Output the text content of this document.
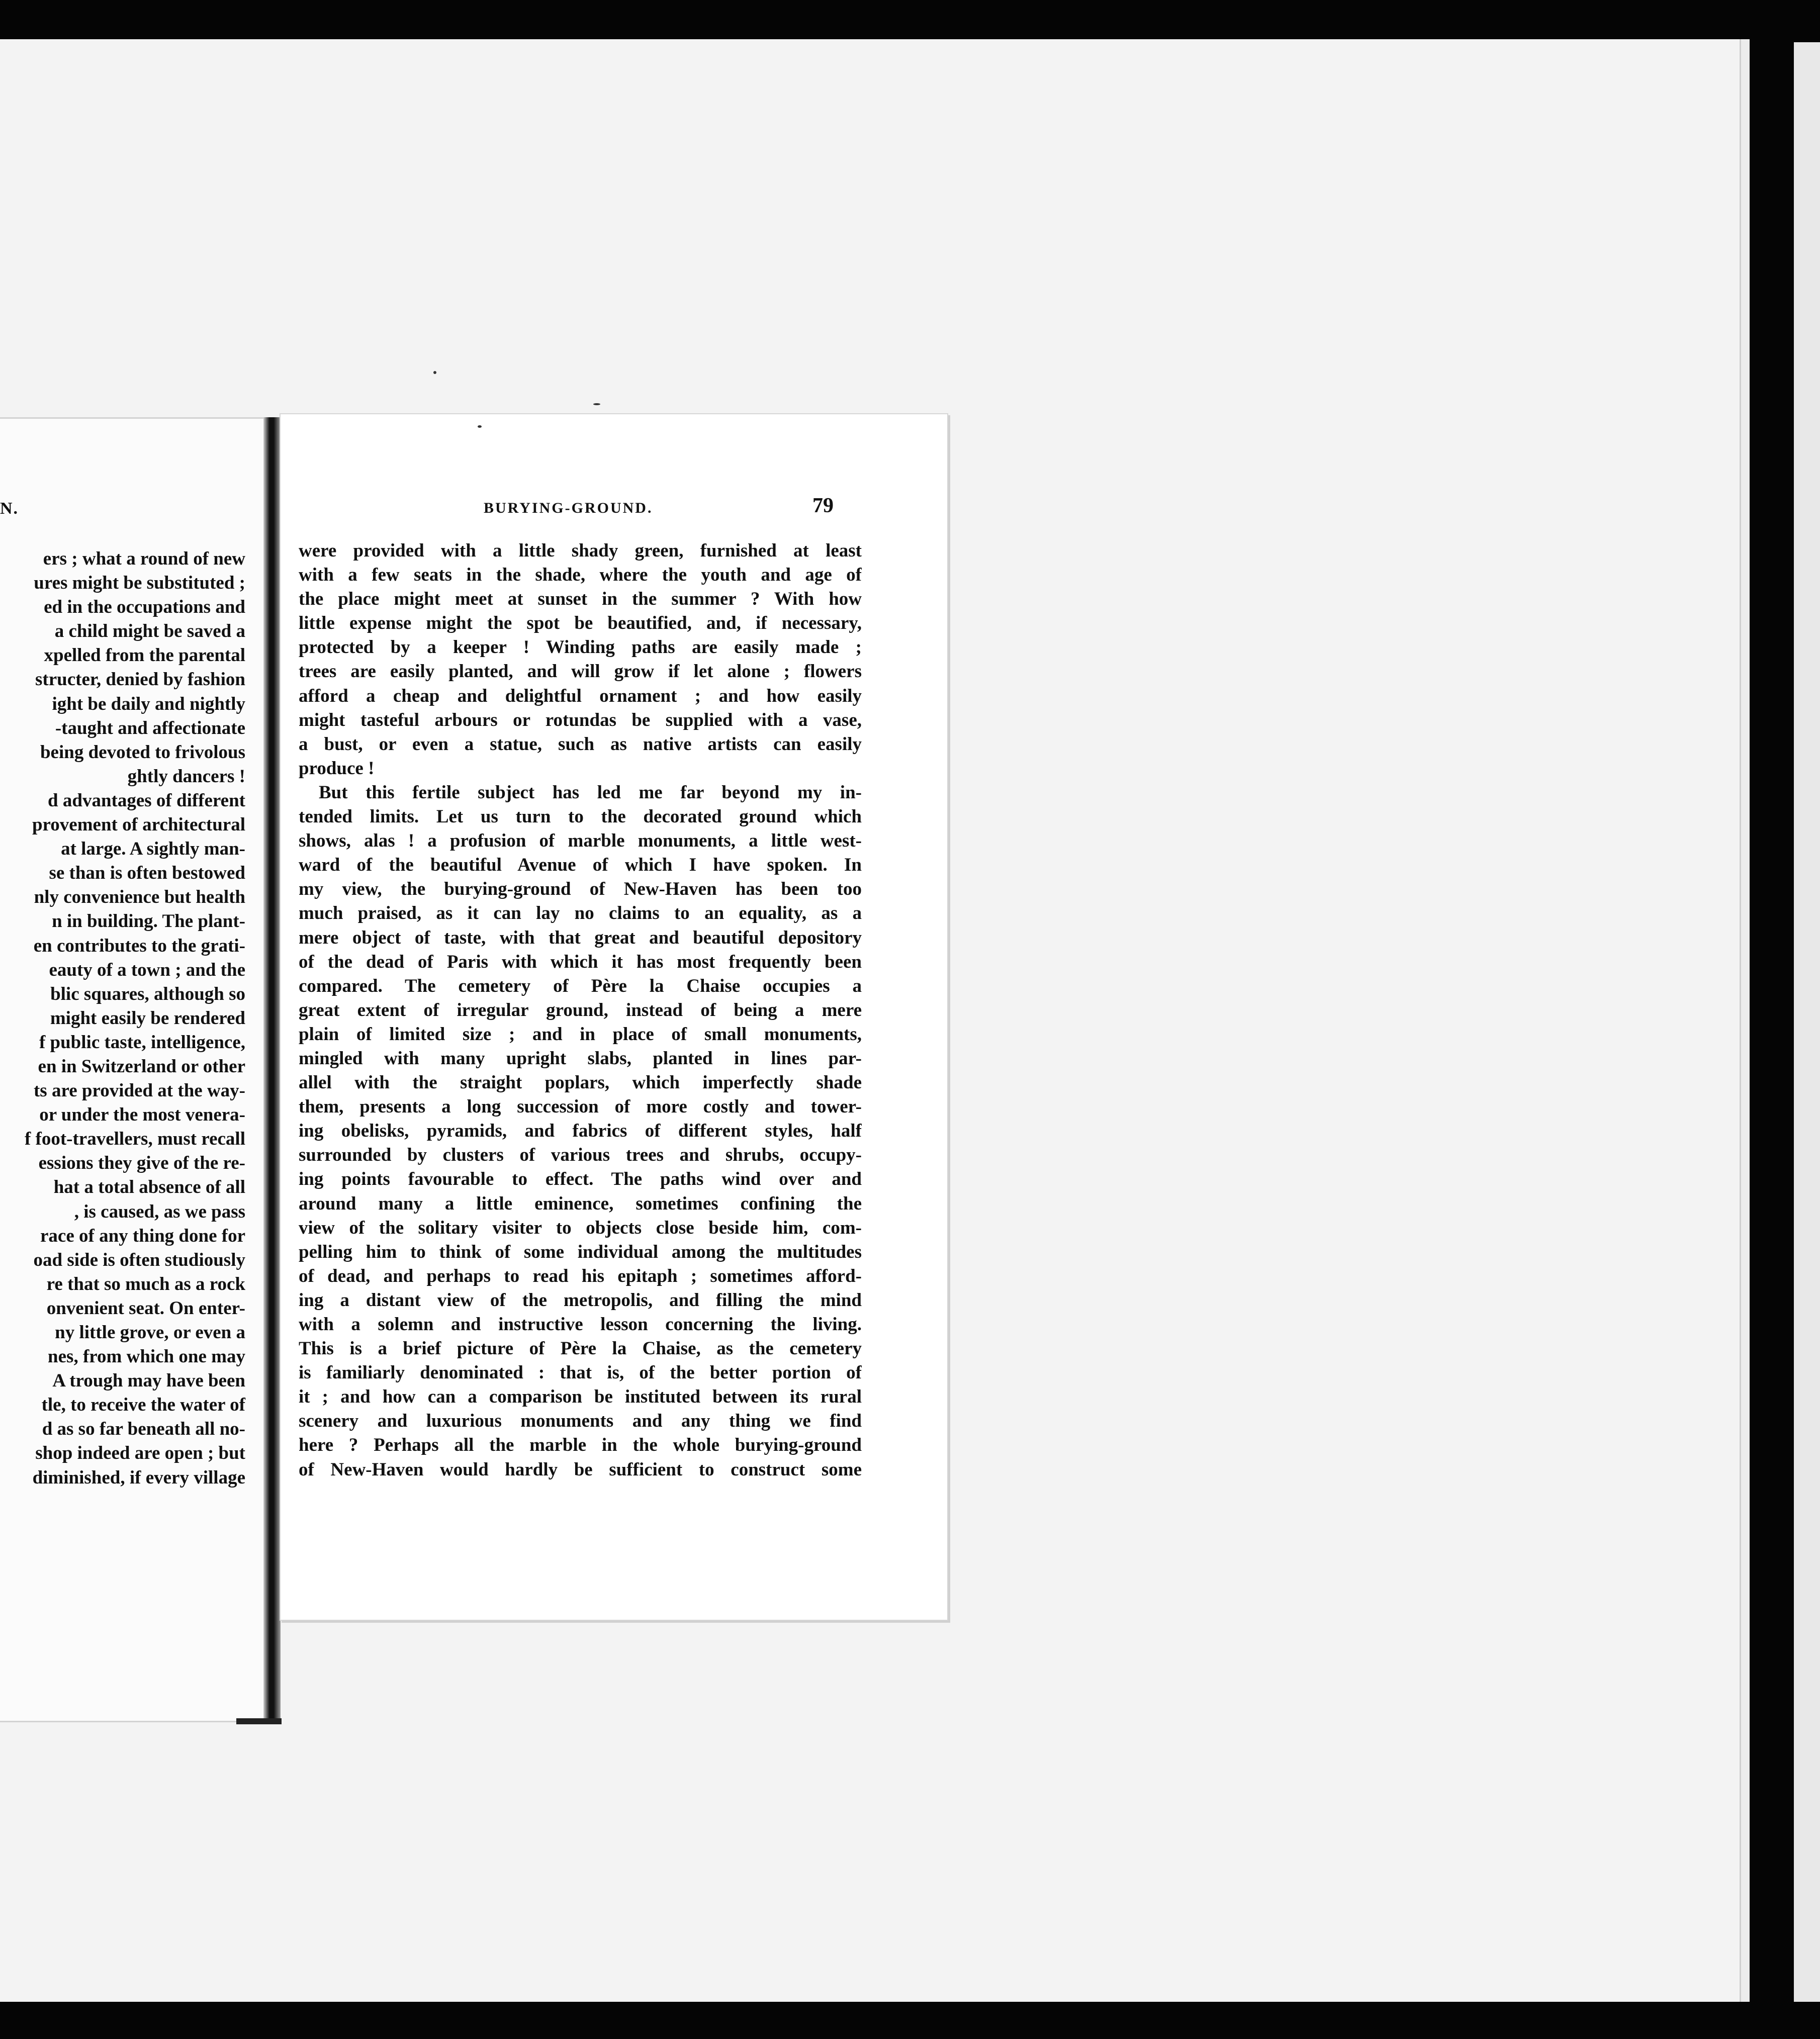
N.
ers ; what a round of new
ures might be substituted ;
ed in the occupations and
a child might be saved a
xpelled from the parental
structer, denied by fashion
ight be daily and nightly
-taught and affectionate
being devoted to frivolous
ghtly dancers !
d advantages of different
provement of architectural
at large. A sightly man-
se than is often bestowed
nly convenience but health
n in building. The plant-
en contributes to the grati-
eauty of a town ; and the
blic squares, although so
might easily be rendered
f public taste, intelligence,
en in Switzerland or other
ts are provided at the way-
or under the most venera-
f foot-travellers, must recall
essions they give of the re-
hat a total absence of all
, is caused, as we pass
race of any thing done for
oad side is often studiously
re that so much as a rock
onvenient seat. On enter-
ny little grove, or even a
nes, from which one may
A trough may have been
tle, to receive the water of
d as so far beneath all no-
shop indeed are open ; but
diminished, if every village
BURYING-GROUND.	79
were provided with a little shady green, furnished at least
with a few seats in the shade, where the youth and age of
the place might meet at sunset in the summer ? With how
little expense might the spot be beautified, and, if necessary,
protected by a keeper ! Winding paths are easily made ;
trees are easily planted, and will grow if let alone ; flowers
afford a cheap and delightful ornament ; and how easily
might tasteful arbours or rotundas be supplied with a vase,
a bust, or even a statue, such as native artists can easily
produce !
But this fertile subject has led me far beyond my in-
tended limits. Let us turn to the decorated ground which
shows, alas ! a profusion of marble monuments, a little west-
ward of the beautiful Avenue of which I have spoken. In
my view, the burying-ground of New-Haven has been too
much praised, as it can lay no claims to an equality, as a
mere object of taste, with that great and beautiful depository
of the dead of Paris with which it has most frequently been
compared. The cemetery of Père la Chaise occupies a
great extent of irregular ground, instead of being a mere
plain of limited size ; and in place of small monuments,
mingled with many upright slabs, planted in lines par-
allel with the straight poplars, which imperfectly shade
them, presents a long succession of more costly and tower-
ing obelisks, pyramids, and fabrics of different styles, half
surrounded by clusters of various trees and shrubs, occupy-
ing points favourable to effect. The paths wind over and
around many a little eminence, sometimes confining the
view of the solitary visiter to objects close beside him, com-
pelling him to think of some individual among the multitudes
of dead, and perhaps to read his epitaph ; sometimes afford-
ing a distant view of the metropolis, and filling the mind
with a solemn and instructive lesson concerning the living.
This is a brief picture of Père la Chaise, as the cemetery
is familiarly denominated : that is, of the better portion of
it ; and how can a comparison be instituted between its rural
scenery and luxurious monuments and any thing we find
here ? Perhaps all the marble in the whole burying-ground
of New-Haven would hardly be sufficient to construct some
